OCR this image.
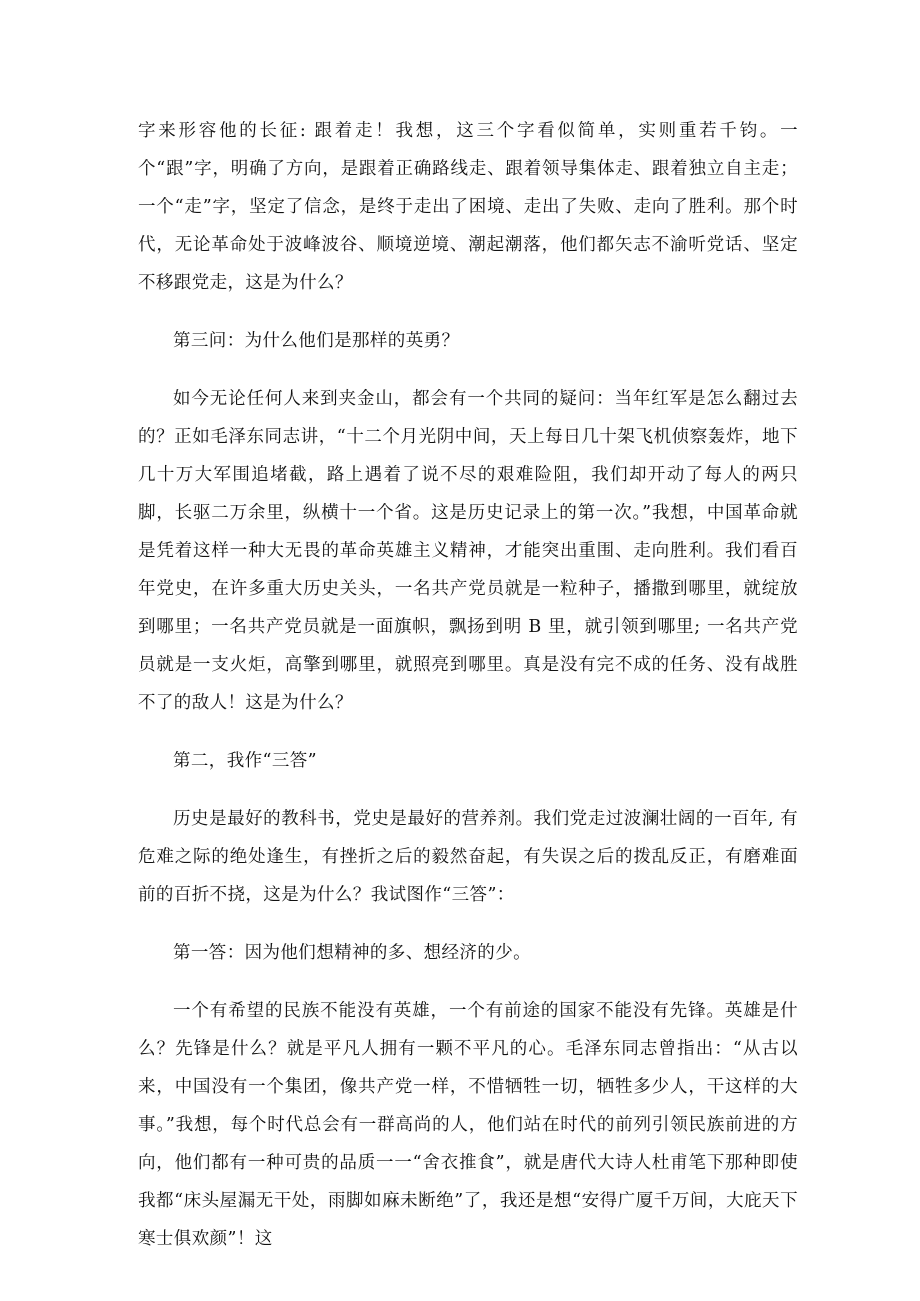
字来形容他的长征: 跟着走！我想，这三个字看似简单，实则重若千钧。一个“跟”字，明确了方向，是跟着正确路线走、跟着领导集体走、跟着独立自主走；一个“走”字，坚定了信念，是终于走出了困境、走出了失败、走向了胜利。那个时代，无论革命处于波峰波谷、顺境逆境、潮起潮落，他们都矢志不渝听党话、坚定不移跟党走，这是为什么？

第三问：为什么他们是那样的英勇？

如今无论任何人来到夹金山，都会有一个共同的疑问：当年红军是怎么翻过去的？正如毛泽东同志讲，“十二个月光阴中间，天上每日几十架飞机侦察轰炸，地下几十万大军围追堵截，路上遇着了说不尽的艰难险阻，我们却开动了每人的两只脚，长驱二万余里，纵横十一个省。这是历史记录上的第一次。”我想，中国革命就是凭着这样一种大无畏的革命英雄主义精神，才能突出重围、走向胜利。我们看百年党史，在许多重大历史关头，一名共产党员就是一粒种子，播撒到哪里，就绽放到哪里；一名共产党员就是一面旗帜，飘扬到明 B 里，就引领到哪里; 一名共产党员就是一支火炬，高擎到哪里，就照亮到哪里。真是没有完不成的任务、没有战胜不了的敌人！这是为什么？

第二，我作“三答”

历史是最好的教科书，党史是最好的营养剂。我们党走过波澜壮阔的一百年, 有危难之际的绝处逢生，有挫折之后的毅然奋起，有失误之后的拨乱反正，有磨难面前的百折不挠，这是为什么？我试图作“三答”：

第一答：因为他们想精神的多、想经济的少。

一个有希望的民族不能没有英雄，一个有前途的国家不能没有先锋。英雄是什么？先锋是什么？就是平凡人拥有一颗不平凡的心。毛泽东同志曾指出：“从古以来，中国没有一个集团，像共产党一样，不惜牺牲一切，牺牲多少人，干这样的大事。”我想，每个时代总会有一群高尚的人，他们站在时代的前列引领民族前进的方向，他们都有一种可贵的品质一一“舍衣推食”，就是唐代大诗人杜甫笔下那种即使我都“床头屋漏无干处，雨脚如麻未断绝”了，我还是想“安得广厦千万间，大庇天下寒士俱欢颜”！这
